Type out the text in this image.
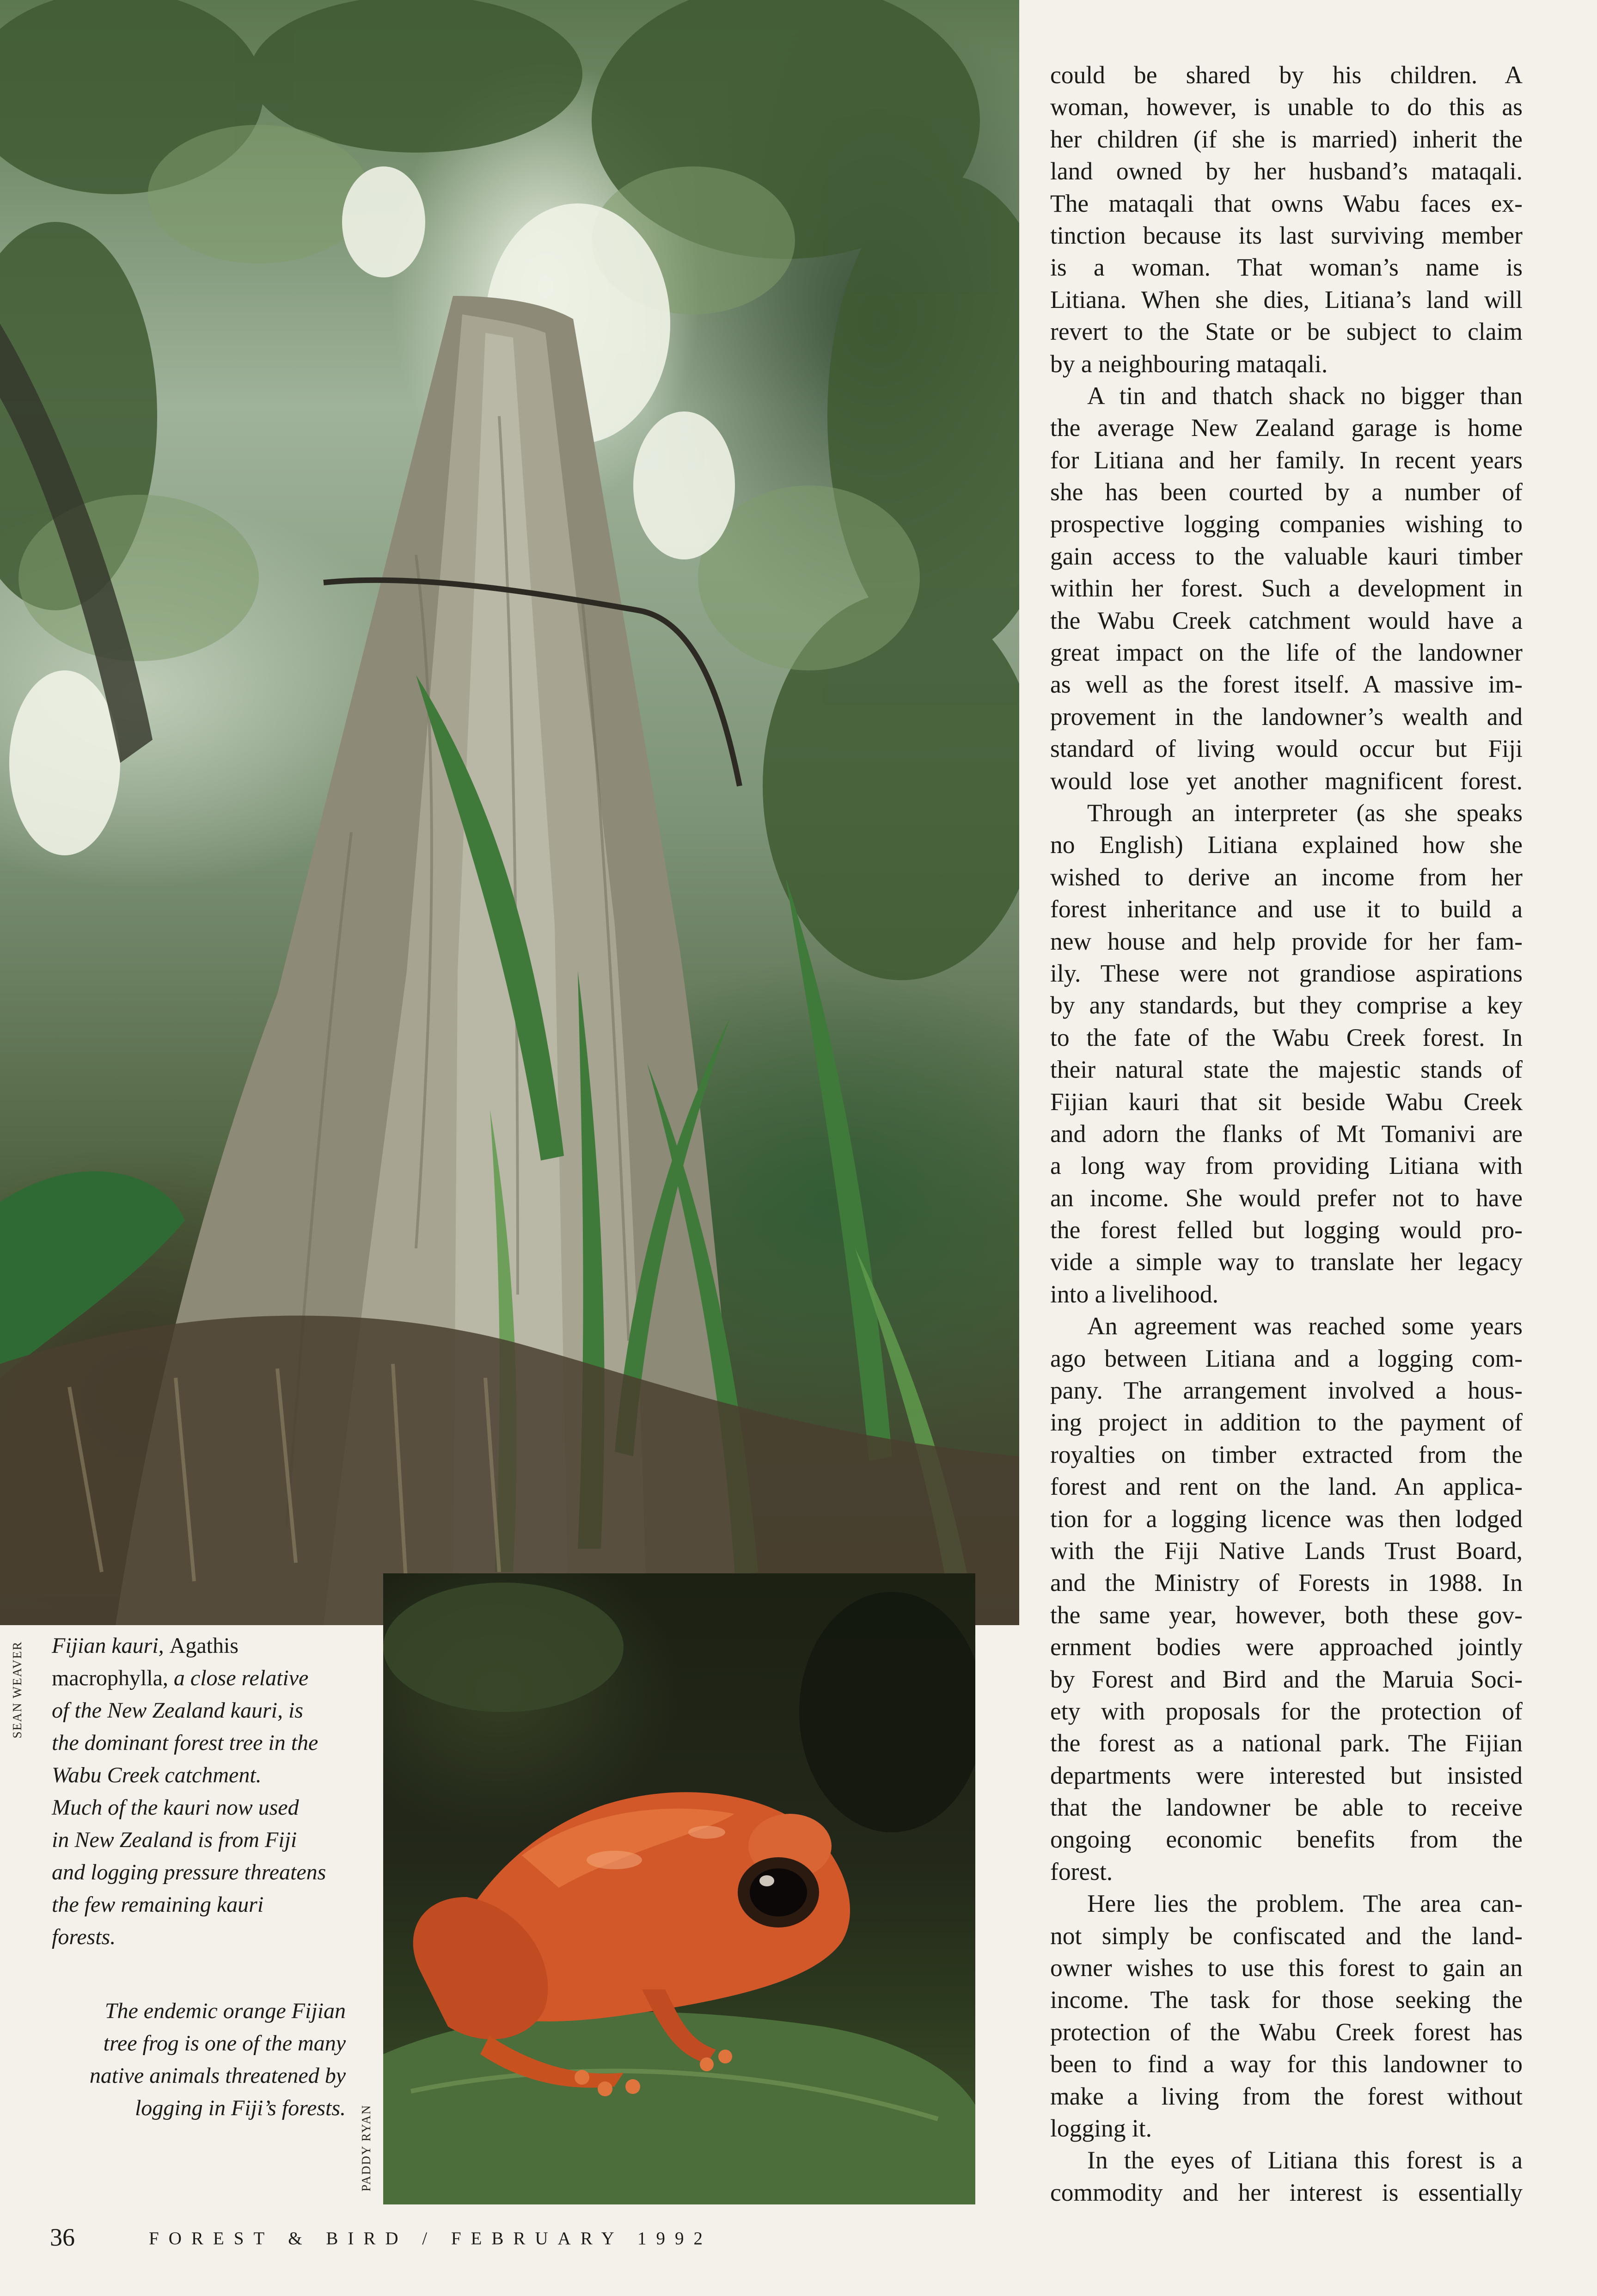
SEAN WEAVER
PADDY RYAN
Fijian kauri, Agathis
macrophylla, a close relative
of the New Zealand kauri, is
the dominant forest tree in the
Wabu Creek catchment.
Much of the kauri now used
in New Zealand is from Fiji
and logging pressure threatens
the few remaining kauri
forests.
The endemic orange Fijian
tree frog is one of the many
native animals threatened by
logging in Fiji’s forests.
could be shared by his children. A
woman, however, is unable to do this as
her children (if she is married) inherit the
land owned by her husband’s mataqali.
The mataqali that owns Wabu faces ex-
tinction because its last surviving member
is a woman. That woman’s name is
Litiana. When she dies, Litiana’s land will
revert to the State or be subject to claim
by a neighbouring mataqali.
A tin and thatch shack no bigger than
the average New Zealand garage is home
for Litiana and her family. In recent years
she has been courted by a number of
prospective logging companies wishing to
gain access to the valuable kauri timber
within her forest. Such a development in
the Wabu Creek catchment would have a
great impact on the life of the landowner
as well as the forest itself. A massive im-
provement in the landowner’s wealth and
standard of living would occur but Fiji
would lose yet another magnificent forest.
Through an interpreter (as she speaks
no English) Litiana explained how she
wished to derive an income from her
forest inheritance and use it to build a
new house and help provide for her fam-
ily. These were not grandiose aspirations
by any standards, but they comprise a key
to the fate of the Wabu Creek forest. In
their natural state the majestic stands of
Fijian kauri that sit beside Wabu Creek
and adorn the flanks of Mt Tomanivi are
a long way from providing Litiana with
an income. She would prefer not to have
the forest felled but logging would pro-
vide a simple way to translate her legacy
into a livelihood.
An agreement was reached some years
ago between Litiana and a logging com-
pany. The arrangement involved a hous-
ing project in addition to the payment of
royalties on timber extracted from the
forest and rent on the land. An applica-
tion for a logging licence was then lodged
with the Fiji Native Lands Trust Board,
and the Ministry of Forests in 1988. In
the same year, however, both these gov-
ernment bodies were approached jointly
by Forest and Bird and the Maruia Soci-
ety with proposals for the protection of
the forest as a national park. The Fijian
departments were interested but insisted
that the landowner be able to receive
ongoing economic benefits from the
forest.
Here lies the problem. The area can-
not simply be confiscated and the land-
owner wishes to use this forest to gain an
income. The task for those seeking the
protection of the Wabu Creek forest has
been to find a way for this landowner to
make a living from the forest without
logging it.
In the eyes of Litiana this forest is a
commodity and her interest is essentially
36	FOREST & BIRD / FEBRUARY 1992
